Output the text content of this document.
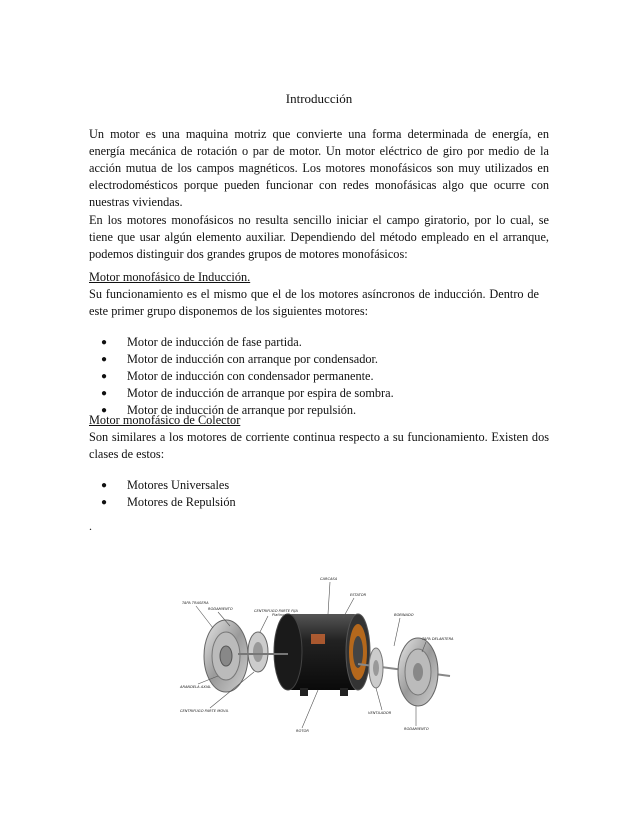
Introducción
Un motor es una maquina motriz que convierte una forma determinada de energía, en
energía mecánica de rotación o par de motor. Un motor eléctrico de giro por medio de la
acción mutua de los campos magnéticos. Los motores monofásicos son muy utilizados en
electrodomésticos porque pueden funcionar con redes monofásicas algo que ocurre con
nuestras viviendas.
En los motores monofásicos no resulta sencillo iniciar el campo giratorio, por lo cual, se
tiene que usar algún elemento auxiliar. Dependiendo del método empleado en el arranque,
podemos distinguir dos grandes grupos de motores monofásicos:
Motor monofásico de Inducción.
Su funcionamiento es el mismo que el de los motores asíncronos de inducción. Dentro de
este primer grupo disponemos de los siguientes motores:
● Motor de inducción de fase partida.
● Motor de inducción con arranque por condensador.
● Motor de inducción con condensador permanente.
● Motor de inducción de arranque por espira de sombra.
● Motor de inducción de arranque por repulsión.
Motor monofásico de Colector
Son similares a los motores de corriente continua respecto a su funcionamiento. Existen dos
clases de estos:
● Motores Universales
● Motores de Repulsión
.
CARCASA
ESTATOR
TAPA TRASERA
RODAMIENTO	CENTRIFUGO PARTE FIJA
Platinos	BOBINADO
TAPA DELANTERA
ARANDELA AXIAL
CENTRIFUGO PARTE MOVIL	VENTILADOR
RODAMIENTO
ROTOR
